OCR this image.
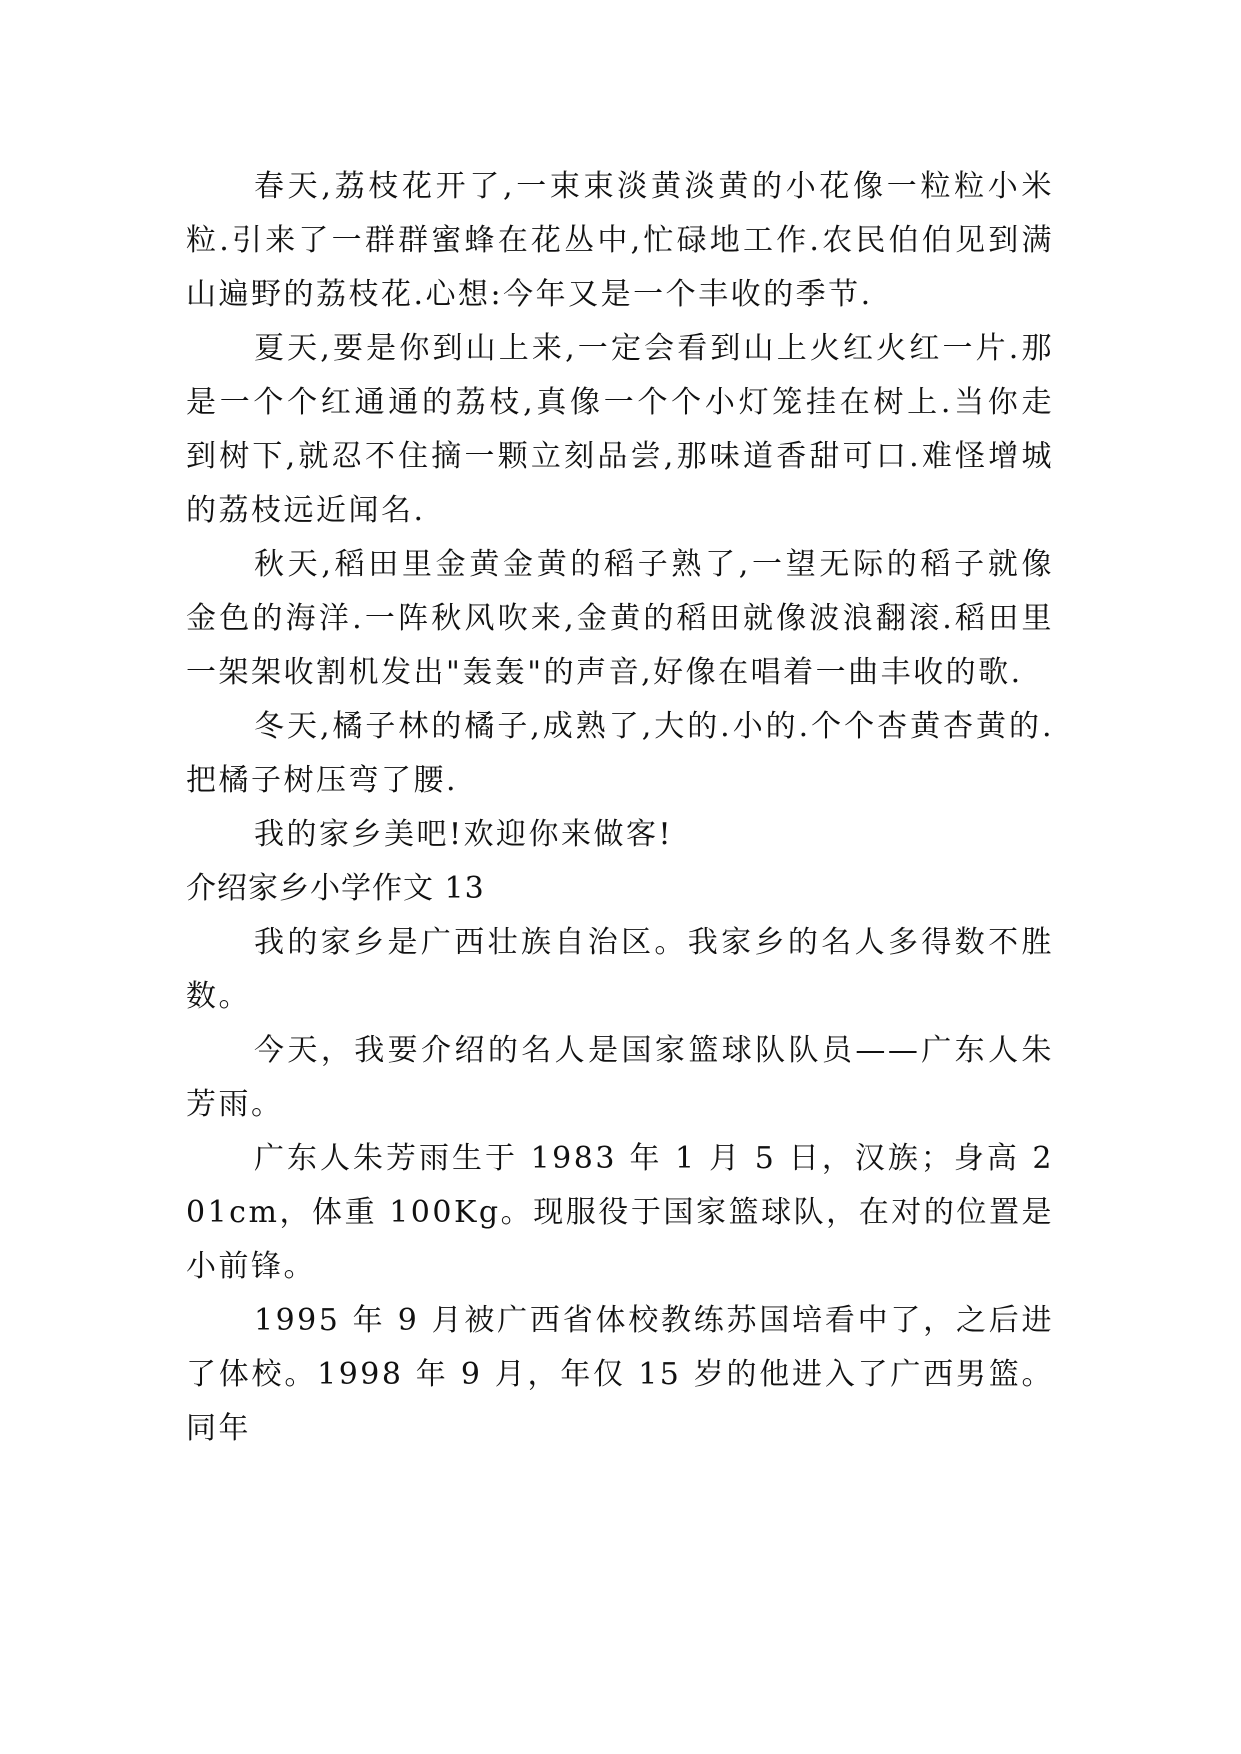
春天,荔枝花开了,一束束淡黄淡黄的小花像一粒粒小米粒.引来了一群群蜜蜂在花丛中,忙碌地工作.农民伯伯见到满山遍野的荔枝花.心想:今年又是一个丰收的季节.

夏天,要是你到山上来,一定会看到山上火红火红一片.那是一个个红通通的荔枝,真像一个个小灯笼挂在树上.当你走到树下,就忍不住摘一颗立刻品尝,那味道香甜可口.难怪增城的荔枝远近闻名.

秋天,稻田里金黄金黄的稻子熟了,一望无际的稻子就像金色的海洋.一阵秋风吹来,金黄的稻田就像波浪翻滚.稻田里一架架收割机发出"轰轰"的声音,好像在唱着一曲丰收的歌.

冬天,橘子林的橘子,成熟了,大的.小的.个个杏黄杏黄的.把橘子树压弯了腰.

我的家乡美吧!欢迎你来做客!

介绍家乡小学作文 13

我的家乡是广西壮族自治区。我家乡的名人多得数不胜数。

今天，我要介绍的名人是国家篮球队队员——广东人朱芳雨。

广东人朱芳雨生于 1983 年 1 月 5 日，汉族；身高 201cm，体重 100Kg。现服役于国家篮球队，在对的位置是小前锋。

1995 年 9 月被广西省体校教练苏国培看中了，之后进了体校。1998 年 9 月，年仅 15 岁的他进入了广西男篮。同年
